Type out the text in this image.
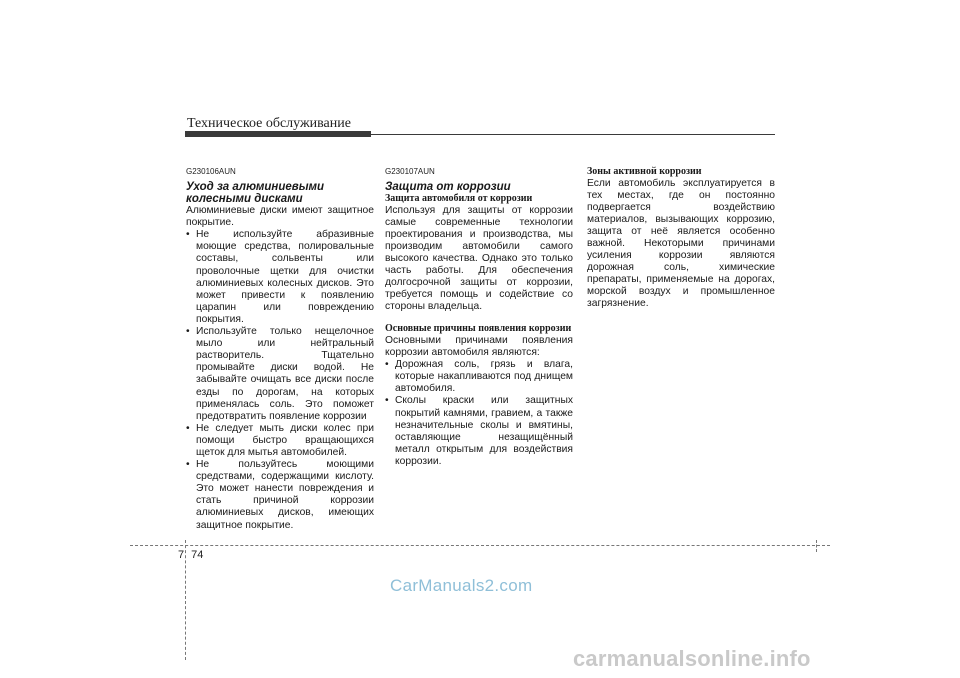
Техническое обслуживание
G230106AUN
Уход за алюминиевыми колесными дисками

Алюминиевые диски имеют защитное покрытие.

• Не используйте абразивные моющие средства, полировальные составы, сольвенты или проволочные щетки для очистки алюминиевых колесных дисков. Это может привести к появлению царапин или повреждению покрытия.
• Используйте только нещелочное мыло или нейтральный растворитель. Тщательно промывайте диски водой. Не забывайте очищать все диски после езды по дорогам, на которых применялась соль. Это поможет предотвратить появление коррозии
• Не следует мыть диски колес при помощи быстро вращающихся щеток для мытья автомобилей.
• Не пользуйтесь моющими средствами, содержащими кислоту. Это может нанести повреждения и стать причиной коррозии алюминиевых дисков, имеющих защитное покрытие.
G230107AUN
Защита от коррозии
Защита автомобиля от коррозии

Используя для защиты от коррозии самые современные технологии проектирования и производства, мы производим автомобили самого высокого качества. Однако это только часть работы. Для обеспечения долгосрочной защиты от коррозии, требуется помощь и содействие со стороны владельца.

Основные причины появления коррозии

Основными причинами появления коррозии автомобиля являются:

• Дорожная соль, грязь и влага, которые накапливаются под днищем автомобиля.
• Сколы краски или защитных покрытий камнями, гравием, а также незначительные сколы и вмятины, оставляющие незащищённый металл открытым для воздействия коррозии.
Зоны активной коррозии

Если автомобиль эксплуатируется в тех местах, где он постоянно подвергается воздействию материалов, вызывающих коррозию, защита от неё является особенно важной. Некоторыми причинами усиления коррозии являются дорожная соль, химические препараты, применяемые на дорогах, морской воздух и промышленное загрязнение.

7 74
CarManuals2.com
carmanualsonline.info
